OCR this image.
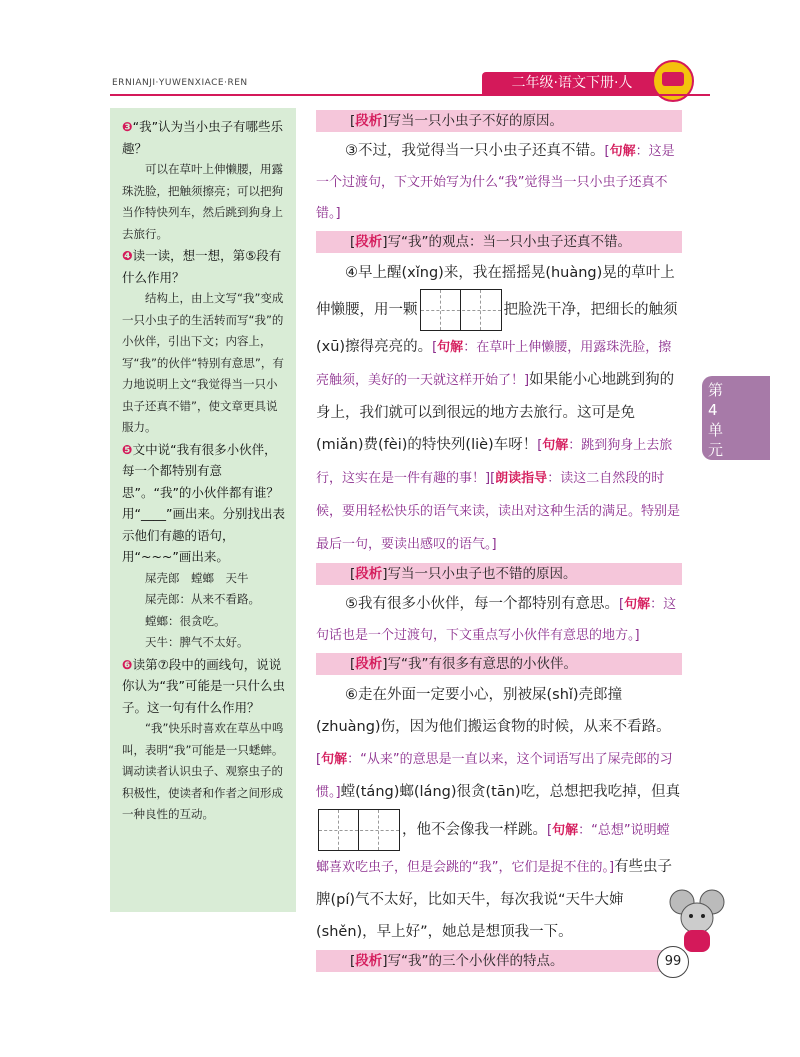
ERNIANJI·YUWENXIACE·REN	二年级·语文下册·人

❸“我”认为当小虫子有哪些乐趣？

可以在草叶上伸懒腰，用露珠洗脸，把触须擦亮；可以把狗当作特快列车，然后跳到狗身上去旅行。

❹读一读，想一想，第⑤段有什么作用？

结构上，由上文写“我”变成一只小虫子的生活转而写“我”的小伙伴，引出下文；内容上，写“我”的伙伴“特别有意思”，有力地说明上文“我觉得当一只小虫子还真不错”，使文章更具说服力。

❺文中说“我有很多小伙伴，每一个都特别有意思”。“我”的小伙伴都有谁？用“____”画出来。分别找出表示他们有趣的语句，用“~~~”画出来。

屎壳郎　螳螂　天牛

屎壳郎：从来不看路。

螳螂：很贪吃。

天牛：脾气不太好。

❻读第⑦段中的画线句，说说你认为“我”可能是一只什么虫子。这一句有什么作用？

“我”快乐时喜欢在草丛中鸣叫，表明“我”可能是一只蟋蟀。调动读者认识虫子、观察虫子的积极性，使读者和作者之间形成一种良性的互动。

[段析]写当一只小虫子不好的原因。

③不过，我觉得当一只小虫子还真不错。[句解：这是一个过渡句，下文开始写为什么“我”觉得当一只小虫子还真不错。]

[段析]写“我”的观点：当一只小虫子还真不错。

④早上醒(xǐng)来，我在摇摇晃(huàng)晃的草叶上伸懒腰，用一颗	把脸洗干净，把细长的触须(xū)擦得亮亮的。[句解：在草叶上伸懒腰，用露珠洗脸，擦亮触须，美好的一天就这样开始了！]如果能小心地跳到狗的身上，我们就可以到很远的地方去旅行。这可是免(miǎn)费(fèi)的特快列(liè)车呀！[句解：跳到狗身上去旅行，这实在是一件有趣的事！][朗读指导：读这二自然段的时候，要用轻松快乐的语气来读，读出对这种生活的满足。特别是最后一句，要读出感叹的语气。]

[段析]写当一只小虫子也不错的原因。

⑤我有很多小伙伴，每一个都特别有意思。[句解：这句话也是一个过渡句，下文重点写小伙伴有意思的地方。]

[段析]写“我”有很多有意思的小伙伴。

⑥走在外面一定要小心，别被屎(shǐ)壳郎撞(zhuàng)伤，因为他们搬运食物的时候，从来不看路。[句解：“从来”的意思是一直以来，这个词语写出了屎壳郎的习惯。]螳(táng)螂(láng)很贪(tān)吃，总想把我吃掉，但真
，他不会像我一样跳。[句解：“总想”说明螳螂喜欢吃虫子，但是会跳的“我”，它们是捉不住的。]有些虫子脾(pí)气不太好，比如天牛，每次我说“天牛大婶(shěn)，早上好”，她总是想顶我一下。

[段析]写“我”的三个小伙伴的特点。
第
4
单
元
99
